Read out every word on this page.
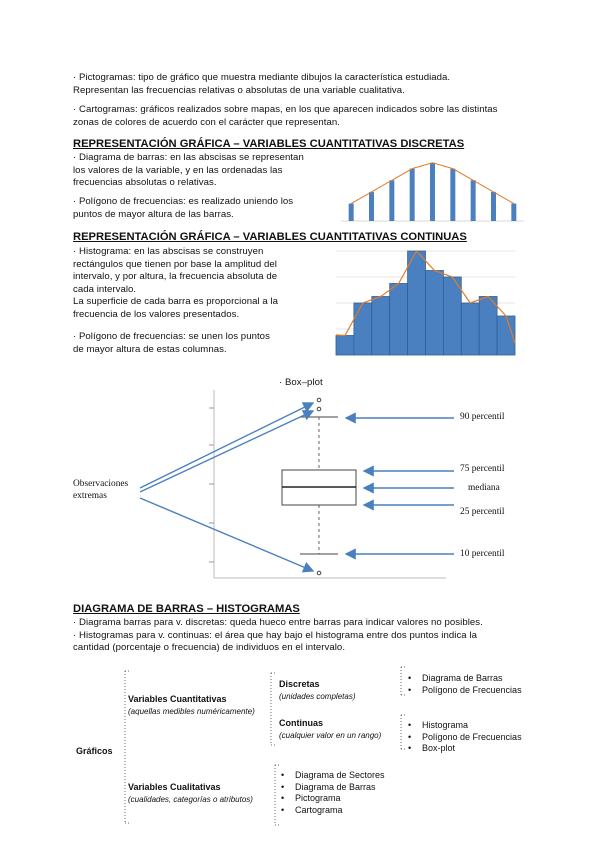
· Pictogramas: tipo de gráfico que muestra mediante dibujos la característica estudiada.
Representan las frecuencias relativas o absolutas de una variable cualitativa.
· Cartogramas: gráficos realizados sobre mapas, en los que aparecen indicados sobre las distintas
zonas de colores de acuerdo con el carácter que representan.
REPRESENTACIÓN GRÁFICA – VARIABLES CUANTITATIVAS DISCRETAS
· Diagrama de barras: en las abscisas se representan
los valores de la variable, y en las ordenadas las
frecuencias absolutas o relativas.
· Polígono de frecuencias: es realizado uniendo los
puntos de mayor altura de las barras.
REPRESENTACIÓN GRÁFICA – VARIABLES CUANTITATIVAS CONTINUAS
· Histograma: en las abscisas se construyen
rectángulos que tienen por base la amplitud del
intervalo, y por altura, la frecuencia absoluta de
cada intervalo.
La superficie de cada barra es proporcional a la
frecuencia de los valores presentados.
· Polígono de frecuencias: se unen los puntos
de mayor altura de estas columnas.
· Box–plot
Observaciones
extremas
90 percentil
75 percentil
mediana
25 percentil
10 percentil
DIAGRAMA DE BARRAS – HISTOGRAMAS
· Diagrama barras para v. discretas: queda hueco entre barras para indicar valores no posibles.
· Histogramas para v. continuas: el área que hay bajo el histograma entre dos puntos indica la
cantidad (porcentaje o frecuencia) de individuos en el intervalo.
Gráficos
Variables Cuantitativas
(aquellas medibles numéricamente)
Variables Cualitativas
(cualidades, categorías o atributos)
Discretas
(unidades completas)
Continuas
(cualquier valor en un rango)
• Diagrama de Barras
• Polígono de Frecuencias
• Histograma
• Polígono de Frecuencias
• Box-plot
• Diagrama de Sectores
• Diagrama de Barras
• Pictograma
• Cartograma
